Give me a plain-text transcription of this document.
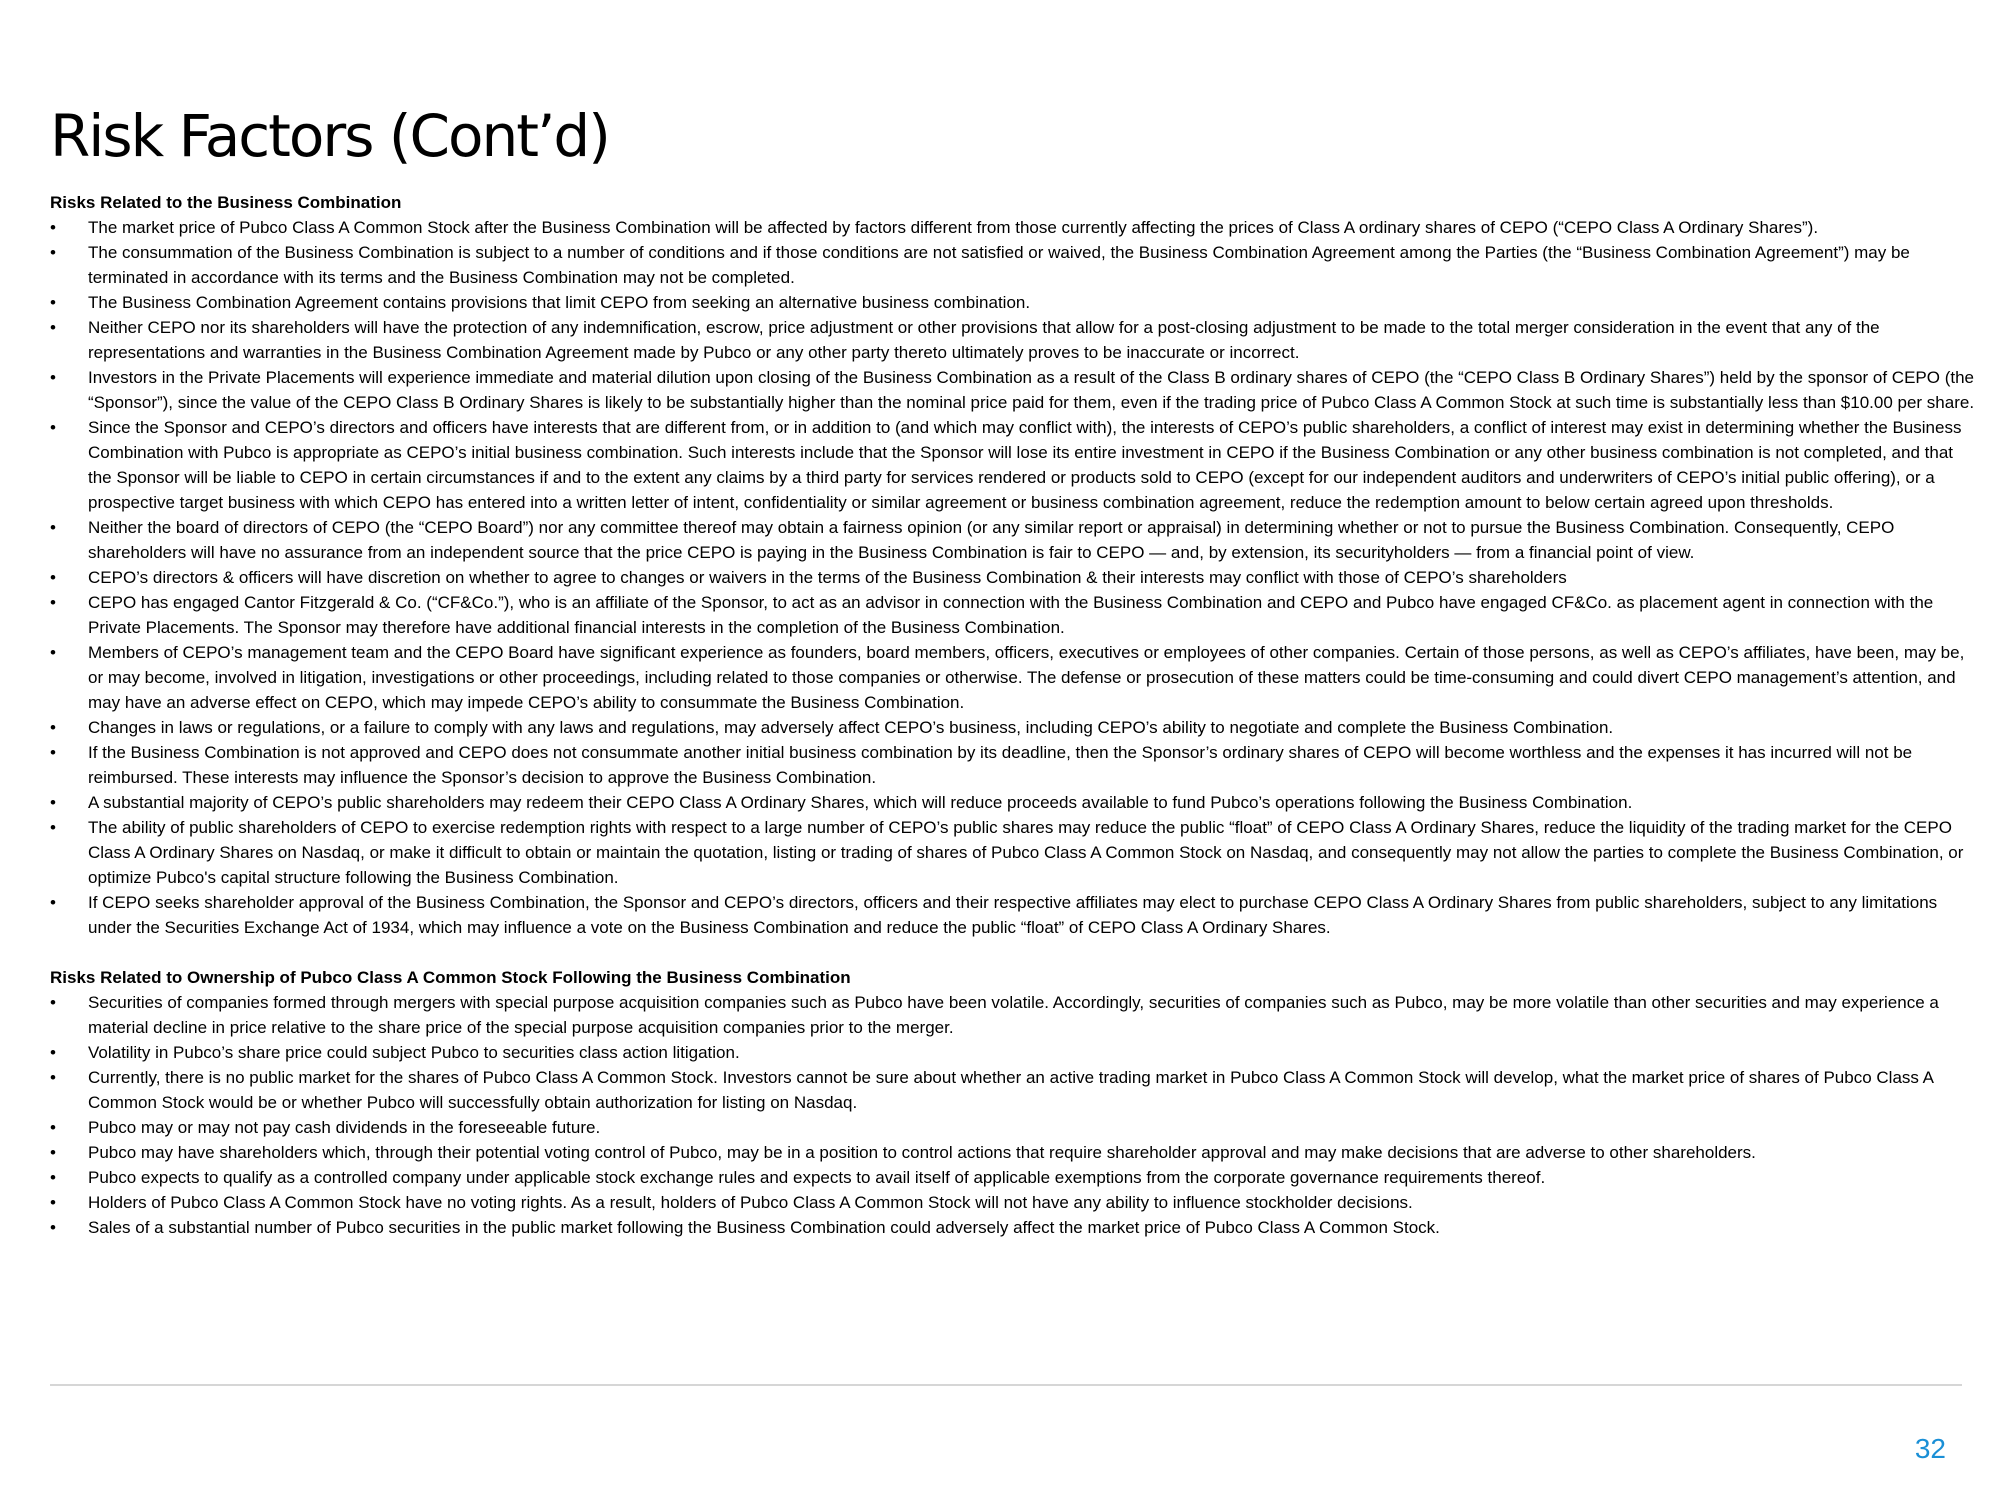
Risk Factors (Cont’d)

Risks Related to the Business Combination

• The market price of Pubco Class A Common Stock after the Business Combination will be affected by factors different from those currently affecting the prices of Class A ordinary shares of CEPO (“CEPO Class A Ordinary Shares”).
• The consummation of the Business Combination is subject to a number of conditions and if those conditions are not satisfied or waived, the Business Combination Agreement among the Parties (the “Business Combination Agreement”) may be terminated in accordance with its terms and the Business Combination may not be completed.
• The Business Combination Agreement contains provisions that limit CEPO from seeking an alternative business combination.
• Neither CEPO nor its shareholders will have the protection of any indemnification, escrow, price adjustment or other provisions that allow for a post-closing adjustment to be made to the total merger consideration in the event that any of the representations and warranties in the Business Combination Agreement made by Pubco or any other party thereto ultimately proves to be inaccurate or incorrect.
• Investors in the Private Placements will experience immediate and material dilution upon closing of the Business Combination as a result of the Class B ordinary shares of CEPO (the “CEPO Class B Ordinary Shares”) held by the sponsor of CEPO (the “Sponsor”), since the value of the CEPO Class B Ordinary Shares is likely to be substantially higher than the nominal price paid for them, even if the trading price of Pubco Class A Common Stock at such time is substantially less than $10.00 per share.
• Since the Sponsor and CEPO’s directors and officers have interests that are different from, or in addition to (and which may conflict with), the interests of CEPO’s public shareholders, a conflict of interest may exist in determining whether the Business Combination with Pubco is appropriate as CEPO’s initial business combination. Such interests include that the Sponsor will lose its entire investment in CEPO if the Business Combination or any other business combination is not completed, and that the Sponsor will be liable to CEPO in certain circumstances if and to the extent any claims by a third party for services rendered or products sold to CEPO (except for our independent auditors and underwriters of CEPO’s initial public offering), or a prospective target business with which CEPO has entered into a written letter of intent, confidentiality or similar agreement or business combination agreement, reduce the redemption amount to below certain agreed upon thresholds.
• Neither the board of directors of CEPO (the “CEPO Board”) nor any committee thereof may obtain a fairness opinion (or any similar report or appraisal) in determining whether or not to pursue the Business Combination. Consequently, CEPO shareholders will have no assurance from an independent source that the price CEPO is paying in the Business Combination is fair to CEPO — and, by extension, its securityholders — from a financial point of view.
• CEPO’s directors & officers will have discretion on whether to agree to changes or waivers in the terms of the Business Combination & their interests may conflict with those of CEPO’s shareholders
• CEPO has engaged Cantor Fitzgerald & Co. (“CF&Co.”), who is an affiliate of the Sponsor, to act as an advisor in connection with the Business Combination and CEPO and Pubco have engaged CF&Co. as placement agent in connection with the Private Placements. The Sponsor may therefore have additional financial interests in the completion of the Business Combination.
• Members of CEPO’s management team and the CEPO Board have significant experience as founders, board members, officers, executives or employees of other companies. Certain of those persons, as well as CEPO’s affiliates, have been, may be, or may become, involved in litigation, investigations or other proceedings, including related to those companies or otherwise. The defense or prosecution of these matters could be time-consuming and could divert CEPO management’s attention, and may have an adverse effect on CEPO, which may impede CEPO’s ability to consummate the Business Combination.
• Changes in laws or regulations, or a failure to comply with any laws and regulations, may adversely affect CEPO’s business, including CEPO’s ability to negotiate and complete the Business Combination.
• If the Business Combination is not approved and CEPO does not consummate another initial business combination by its deadline, then the Sponsor’s ordinary shares of CEPO will become worthless and the expenses it has incurred will not be reimbursed. These interests may influence the Sponsor’s decision to approve the Business Combination.
• A substantial majority of CEPO’s public shareholders may redeem their CEPO Class A Ordinary Shares, which will reduce proceeds available to fund Pubco’s operations following the Business Combination.
• The ability of public shareholders of CEPO to exercise redemption rights with respect to a large number of CEPO’s public shares may reduce the public “float” of CEPO Class A Ordinary Shares, reduce the liquidity of the trading market for the CEPO Class A Ordinary Shares on Nasdaq, or make it difficult to obtain or maintain the quotation, listing or trading of shares of Pubco Class A Common Stock on Nasdaq, and consequently may not allow the parties to complete the Business Combination, or optimize Pubco's capital structure following the Business Combination.
• If CEPO seeks shareholder approval of the Business Combination, the Sponsor and CEPO’s directors, officers and their respective affiliates may elect to purchase CEPO Class A Ordinary Shares from public shareholders, subject to any limitations under the Securities Exchange Act of 1934, which may influence a vote on the Business Combination and reduce the public “float” of CEPO Class A Ordinary Shares.

Risks Related to Ownership of Pubco Class A Common Stock Following the Business Combination

• Securities of companies formed through mergers with special purpose acquisition companies such as Pubco have been volatile. Accordingly, securities of companies such as Pubco, may be more volatile than other securities and may experience a material decline in price relative to the share price of the special purpose acquisition companies prior to the merger.
• Volatility in Pubco’s share price could subject Pubco to securities class action litigation.
• Currently, there is no public market for the shares of Pubco Class A Common Stock. Investors cannot be sure about whether an active trading market in Pubco Class A Common Stock will develop, what the market price of shares of Pubco Class A Common Stock would be or whether Pubco will successfully obtain authorization for listing on Nasdaq.
• Pubco may or may not pay cash dividends in the foreseeable future.
• Pubco may have shareholders which, through their potential voting control of Pubco, may be in a position to control actions that require shareholder approval and may make decisions that are adverse to other shareholders.
• Pubco expects to qualify as a controlled company under applicable stock exchange rules and expects to avail itself of applicable exemptions from the corporate governance requirements thereof.
• Holders of Pubco Class A Common Stock have no voting rights. As a result, holders of Pubco Class A Common Stock will not have any ability to influence stockholder decisions.
• Sales of a substantial number of Pubco securities in the public market following the Business Combination could adversely affect the market price of Pubco Class A Common Stock.
32
